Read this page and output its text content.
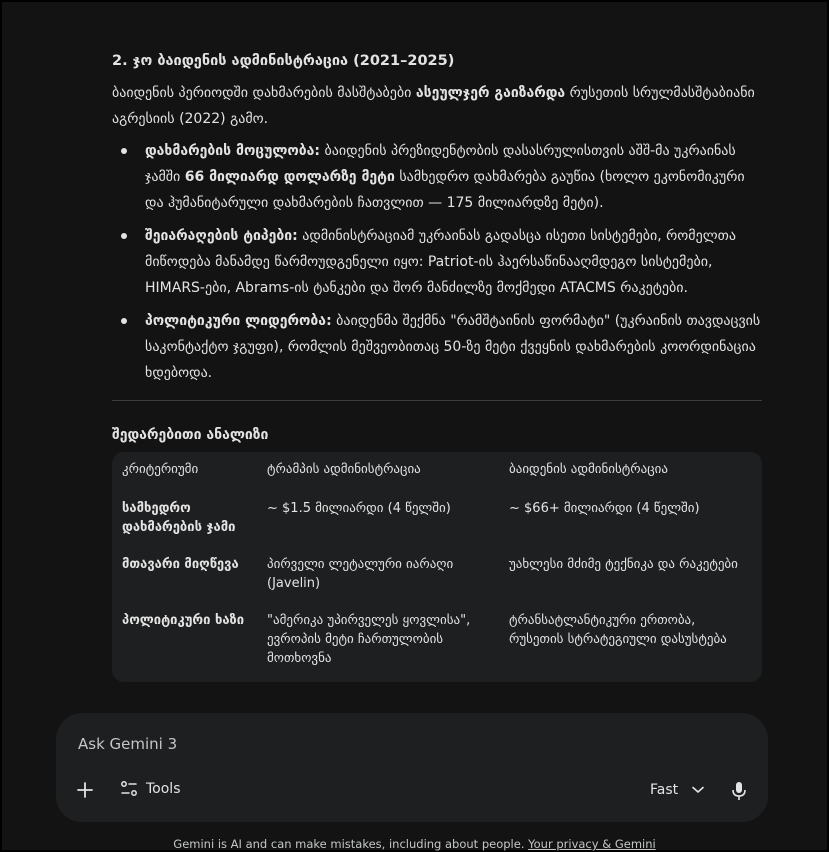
2. ჯო ბაიდენის ადმინისტრაცია (2021–2025)

ბაიდენის პერიოდში დახმარების მასშტაბები ასეულჯერ გაიზარდა რუსეთის სრულმასშტაბიანი აგრესიის (2022) გამო.

დახმარების მოცულობა: ბაიდენის პრეზიდენტობის დასასრულისთვის აშშ-მა უკრაინას ჯამში 66 მილიარდ დოლარზე მეტი სამხედრო დახმარება გაუწია (ხოლო ეკონომიკური და ჰუმანიტარული დახმარების ჩათვლით — 175 მილიარდზე მეტი).
შეიარაღების ტიპები: ადმინისტრაციამ უკრაინას გადასცა ისეთი სისტემები, რომელთა მიწოდება მანამდე წარმოუდგენელი იყო: Patriot-ის ჰაერსაწინააღმდეგო სისტემები, HIMARS-ები, Abrams-ის ტანკები და შორ მანძილზე მოქმედი ATACMS რაკეტები.
პოლიტიკური ლიდერობა: ბაიდენმა შექმნა "რამშტაინის ფორმატი" (უკრაინის თავდაცვის საკონტაქტო ჯგუფი), რომლის მეშვეობითაც 50-ზე მეტი ქვეყნის დახმარების კოორდინაცია ხდებოდა.
შედარებითი ანალიზი
კრიტერიუმი	ტრამპის ადმინისტრაცია	ბაიდენის ადმინისტრაცია
სამხედრო დახმარების ჯამი	~ $1.5 მილიარდი (4 წელში)	~ $66+ მილიარდი (4 წელში)
მთავარი მიღწევა	პირველი ლეტალური იარაღი (Javelin)	უახლესი მძიმე ტექნიკა და რაკეტები
პოლიტიკური ხაზი	"ამერიკა უპირველეს ყოვლისა", ევროპის მეტი ჩართულობის მოთხოვნა	ტრანსატლანტიკური ერთობა, რუსეთის სტრატეგიული დასუსტება
Ask Gemini 3
Tools	Fast
Gemini is AI and can make mistakes, including about people. Your privacy & Gemini
